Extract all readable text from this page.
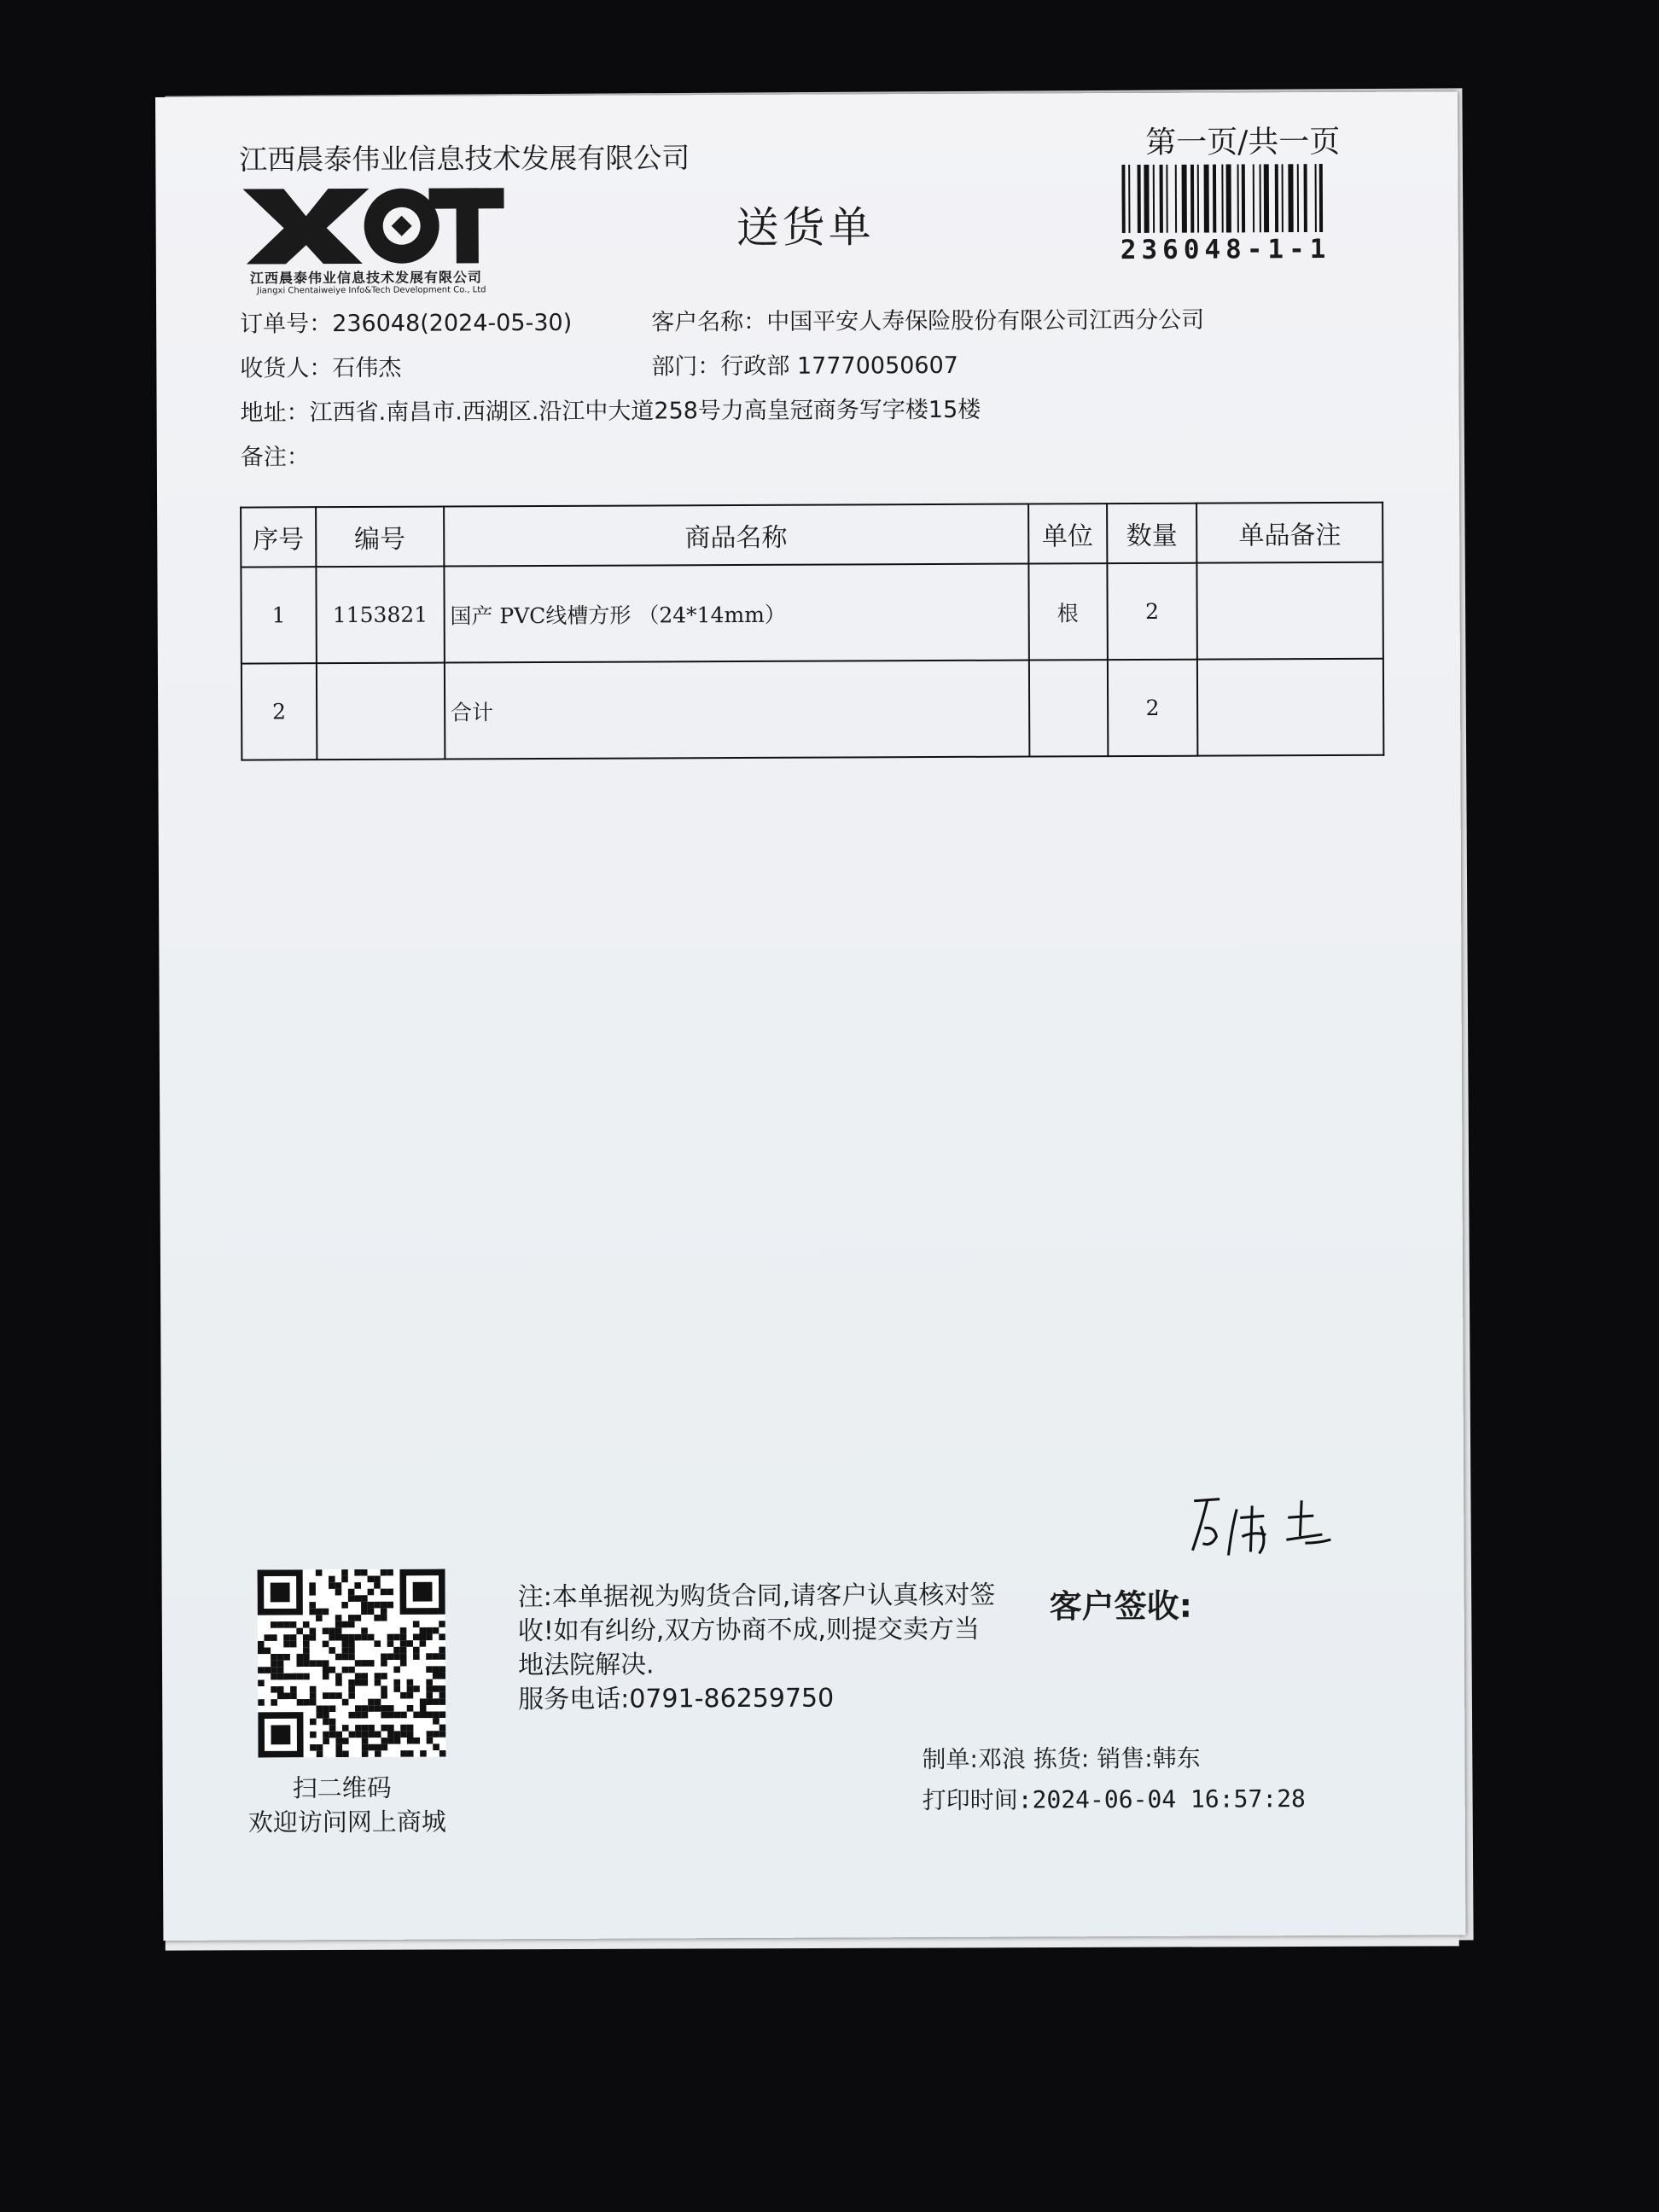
江西晨泰伟业信息技术发展有限公司	第一页/共一页
江西晨泰伟业信息技术发展有限公司
Jiangxi Chentaiweiye Info&Tech Development Co., Ltd
送货单	236048-1-1
订单号：236048(2024-05-30)	客户名称：中国平安人寿保险股份有限公司江西分公司
收货人：石伟杰	部门：行政部 17770050607
地址：江西省.南昌市.西湖区.沿江中大道258号力高皇冠商务写字楼15楼
备注：
序号	编号	商品名称	单位	数量	单品备注
1	1153821	国产 PVC线槽方形 （24*14mm）	根	2	
2		合计		2	
扫二维码
欢迎访问网上商城
注:本单据视为购货合同,请客户认真核对签收!如有纠纷,双方协商不成,则提交卖方当地法院解决.
服务电话:0791-86259750
客户签收:
制单:邓浪 拣货: 销售:韩东
打印时间:2024-06-04 16:57:28
